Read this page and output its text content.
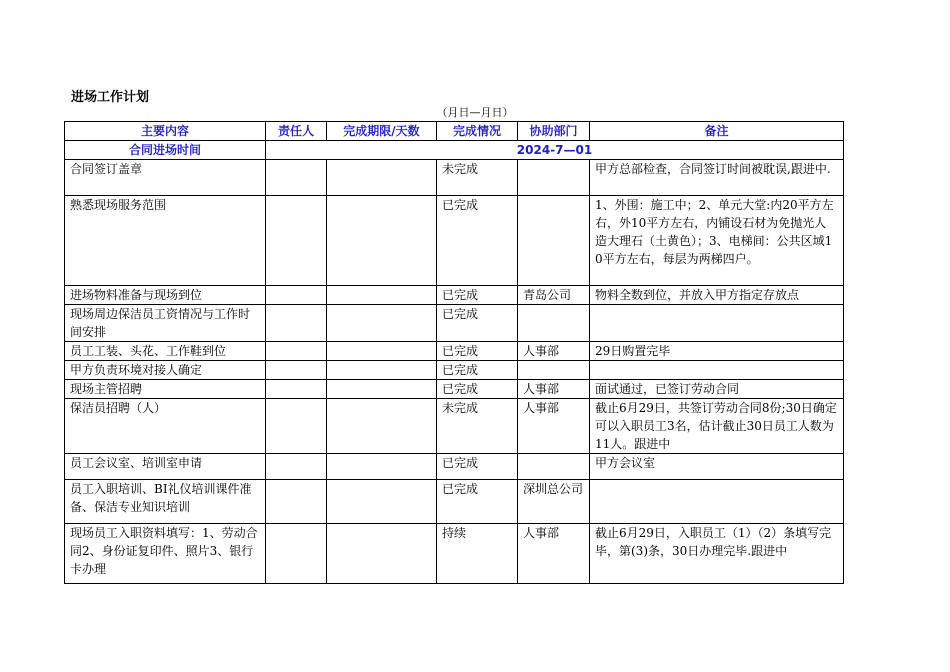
进场工作计划
（月日—月日）
主要内容	责任人	完成期限/天数	完成情况	协助部门	备注
合同进场时间	2024-7—01				
合同签订盖章			未完成		甲方总部检查，合同签订时间被耽误,跟进中.
熟悉现场服务范围			已完成		1、外围：施工中；2、单元大堂:内20平方左右，外10平方左右，内铺设石材为免抛光人造大理石（土黄色）；3、电梯间：公共区域10平方左右，每层为两梯四户。
进场物料准备与现场到位			已完成	青岛公司	物料全数到位，并放入甲方指定存放点
现场周边保洁员工资情况与工作时间安排			已完成		
员工工装、头花、工作鞋到位			已完成	人事部	29日购置完毕
甲方负责环境对接人确定			已完成		
现场主管招聘			已完成	人事部	面试通过，已签订劳动合同
保洁员招聘（人）			未完成	人事部	截止6月29日，共签订劳动合同8份;30日确定可以入职员工3名，估计截止30日员工人数为11人。跟进中
员工会议室、培训室申请			已完成		甲方会议室
员工入职培训、BI礼仪培训课件准备、保洁专业知识培训			已完成	深圳总公司	
现场员工入职资料填写：1、劳动合同2、身份证复印件、照片3、银行卡办理			持续	人事部	截止6月29日，入职员工（1）（2）条填写完毕，第(3)条，30日办理完毕.跟进中
